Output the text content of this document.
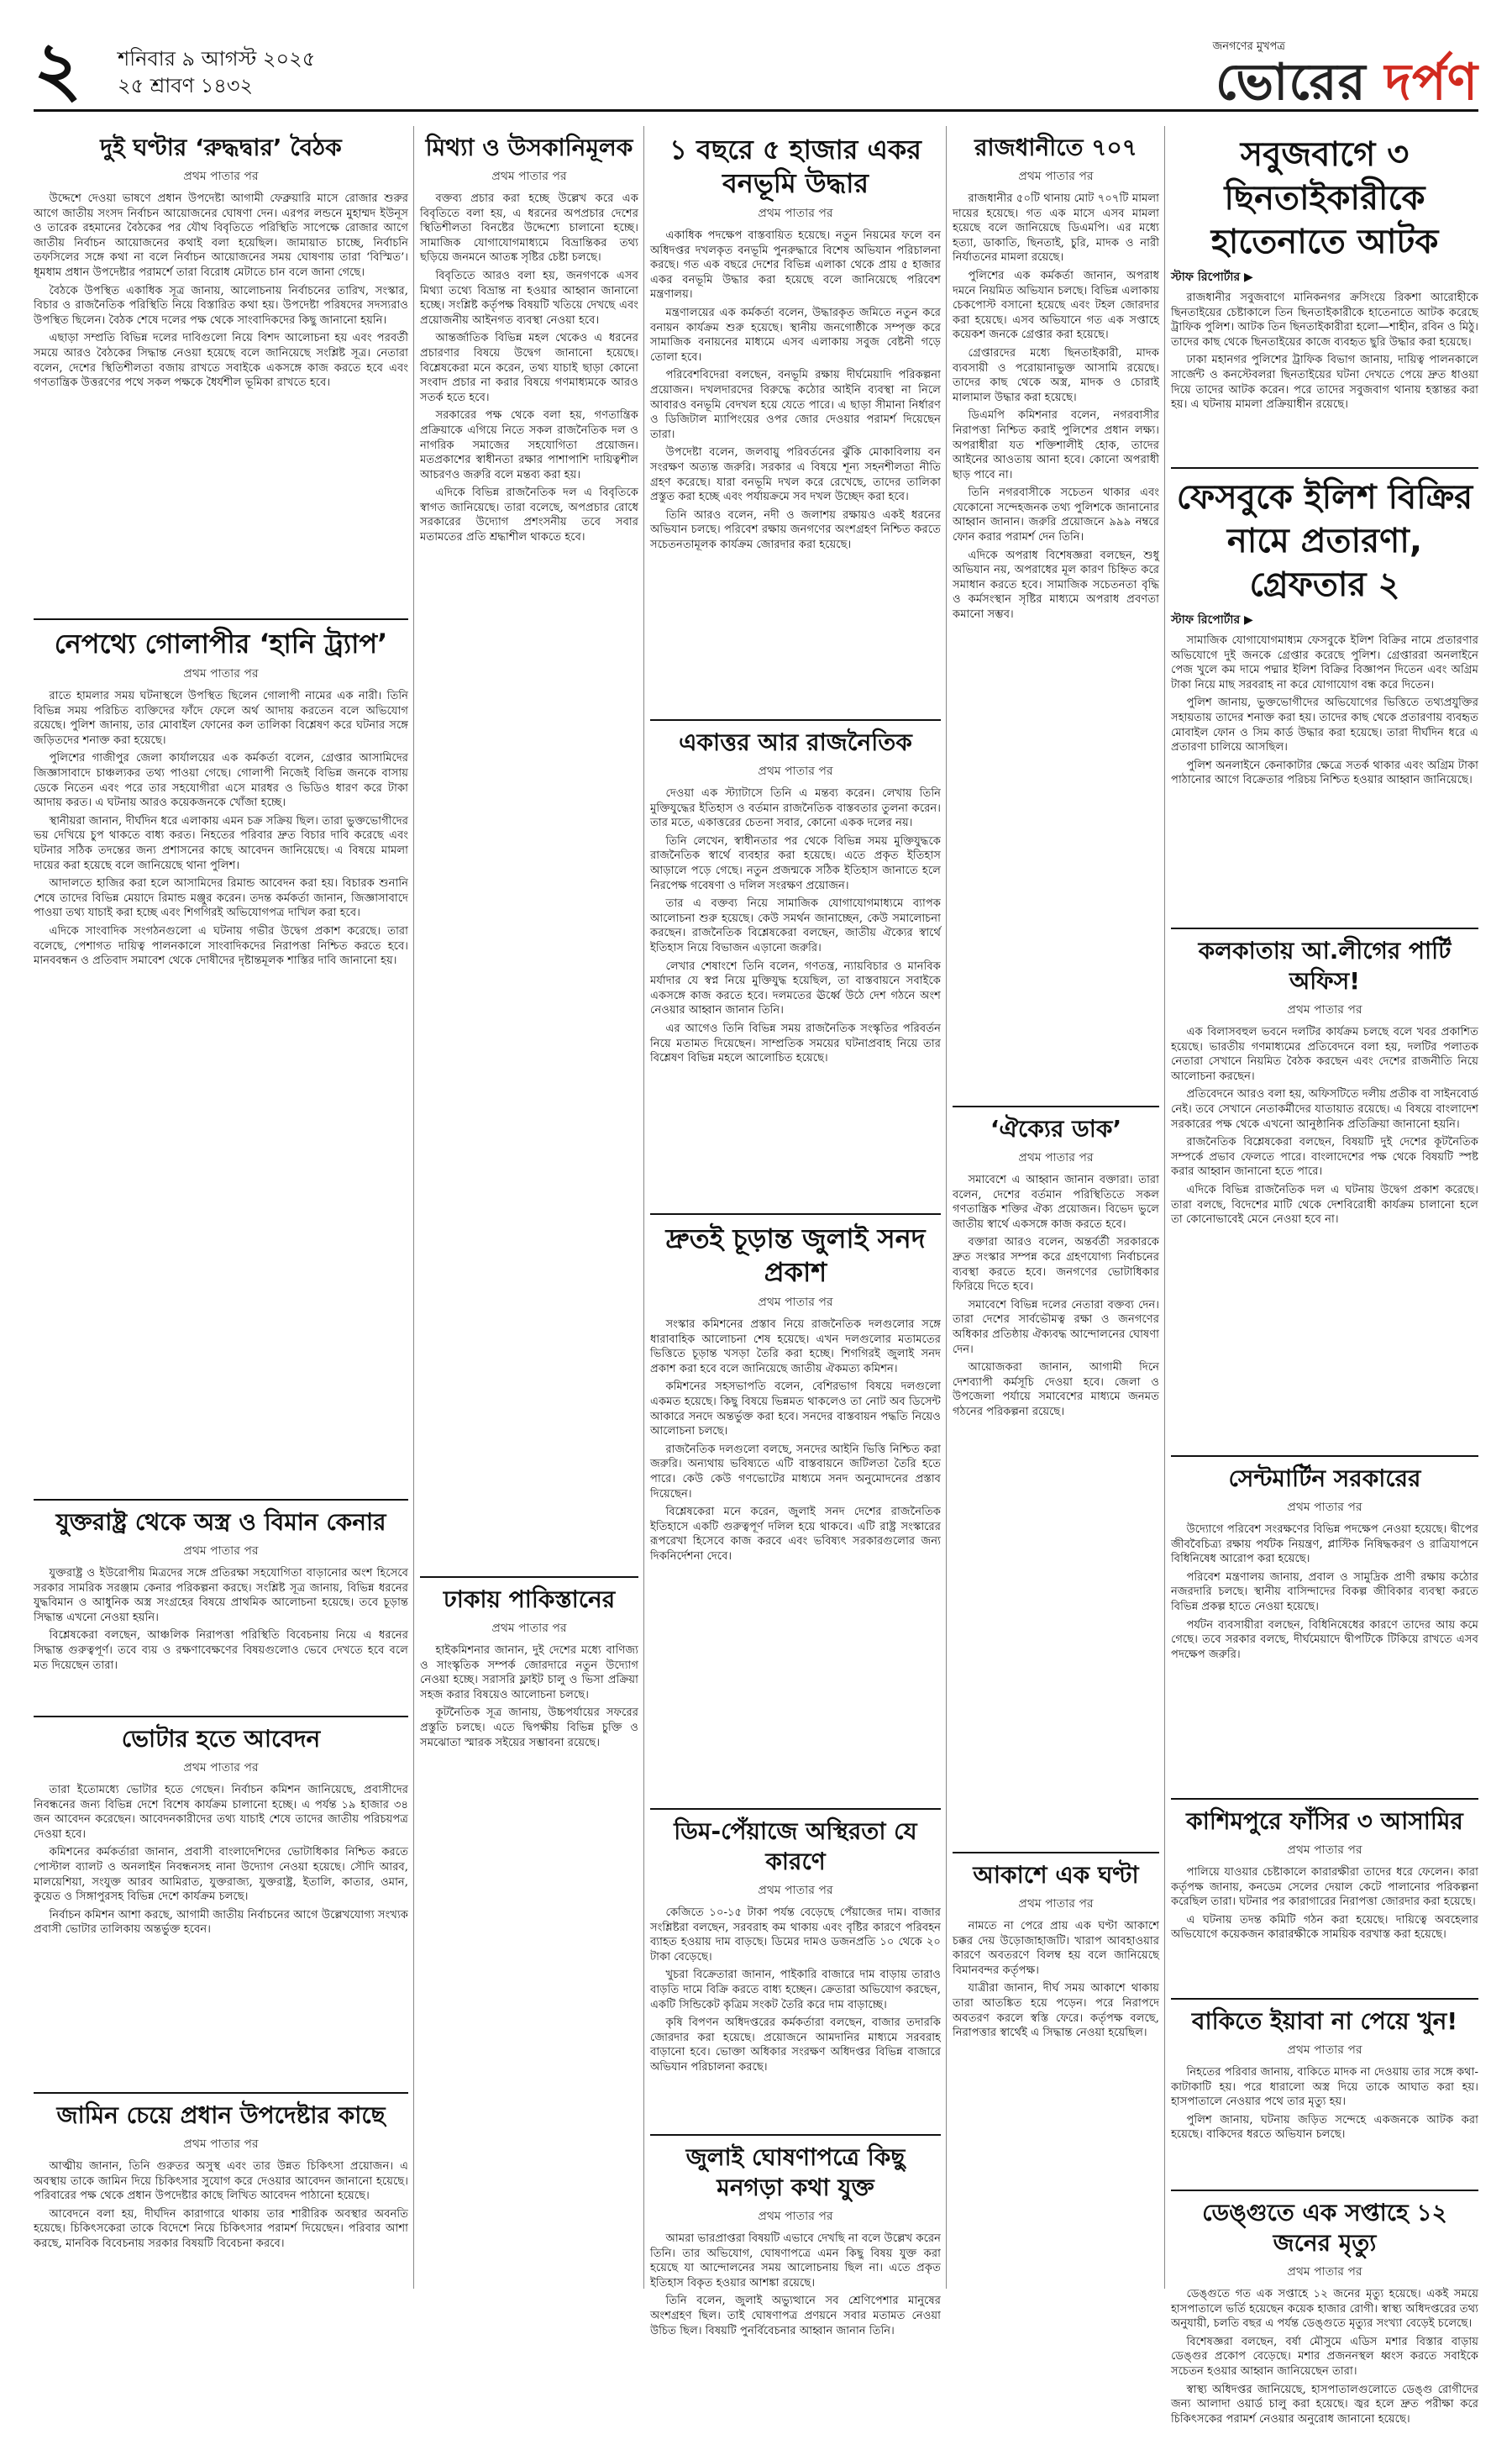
২	শনিবার ৯ আগস্ট ২০২৫
২৫ শ্রাবণ ১৪৩২
জনগণের মুখপত্র
ভোরের দর্পণ
দুই ঘণ্টার ‘রুদ্ধদ্বার’ বৈঠক
প্রথম পাতার পর

উদ্দেশে দেওয়া ভাষণে প্রধান উপদেষ্টা আগামী ফেব্রুয়ারি মাসে রোজার শুরুর আগে জাতীয় সংসদ নির্বাচন আয়োজনের ঘোষণা দেন। এরপর লন্ডনে মুহাম্মদ ইউনূস ও তারেক রহমানের বৈঠকের পর যৌথ বিবৃতিতে পরিস্থিতি সাপেক্ষে রোজার আগে জাতীয় নির্বাচন আয়োজনের কথাই বলা হয়েছিল। জামায়াত চাচ্ছে, নির্বাচনি তফসিলের সঙ্গে কথা না বলে নির্বাচন আয়োজনের সময় ঘোষণায় তারা ‘বিস্মিত’। ধূমধাম প্রধান উপদেষ্টার পরামর্শে তারা বিরোধ মেটাতে চান বলে জানা গেছে।

বৈঠকে উপস্থিত একাধিক সূত্র জানায়, আলোচনায় নির্বাচনের তারিখ, সংস্কার, বিচার ও রাজনৈতিক পরিস্থিতি নিয়ে বিস্তারিত কথা হয়। উপদেষ্টা পরিষদের সদস্যরাও উপস্থিত ছিলেন। বৈঠক শেষে দলের পক্ষ থেকে সাংবাদিকদের কিছু জানানো হয়নি।

এছাড়া সম্প্রতি বিভিন্ন দলের দাবিগুলো নিয়ে বিশদ আলোচনা হয় এবং পরবর্তী সময়ে আরও বৈঠকের সিদ্ধান্ত নেওয়া হয়েছে বলে জানিয়েছে সংশ্লিষ্ট সূত্র। নেতারা বলেন, দেশের স্থিতিশীলতা বজায় রাখতে সবাইকে একসঙ্গে কাজ করতে হবে এবং গণতান্ত্রিক উত্তরণের পথে সকল পক্ষকে ধৈর্যশীল ভূমিকা রাখতে হবে।

নেপথ্যে গোলাপীর ‘হানি ট্র্যাপ’
প্রথম পাতার পর

রাতে হামলার সময় ঘটনাস্থলে উপস্থিত ছিলেন গোলাপী নামের এক নারী। তিনি বিভিন্ন সময় পরিচিত ব্যক্তিদের ফাঁদে ফেলে অর্থ আদায় করতেন বলে অভিযোগ রয়েছে। পুলিশ জানায়, তার মোবাইল ফোনের কল তালিকা বিশ্লেষণ করে ঘটনার সঙ্গে জড়িতদের শনাক্ত করা হয়েছে।

পুলিশের গাজীপুর জেলা কার্যালয়ের এক কর্মকর্তা বলেন, গ্রেপ্তার আসামিদের জিজ্ঞাসাবাদে চাঞ্চল্যকর তথ্য পাওয়া গেছে। গোলাপী নিজেই বিভিন্ন জনকে বাসায় ডেকে নিতেন এবং পরে তার সহযোগীরা এসে মারধর ও ভিডিও ধারণ করে টাকা আদায় করত। এ ঘটনায় আরও কয়েকজনকে খোঁজা হচ্ছে।

স্থানীয়রা জানান, দীর্ঘদিন ধরে এলাকায় এমন চক্র সক্রিয় ছিল। তারা ভুক্তভোগীদের ভয় দেখিয়ে চুপ থাকতে বাধ্য করত। নিহতের পরিবার দ্রুত বিচার দাবি করেছে এবং ঘটনার সঠিক তদন্তের জন্য প্রশাসনের কাছে আবেদন জানিয়েছে। এ বিষয়ে মামলা দায়ের করা হয়েছে বলে জানিয়েছে থানা পুলিশ।

আদালতে হাজির করা হলে আসামিদের রিমান্ড আবেদন করা হয়। বিচারক শুনানি শেষে তাদের বিভিন্ন মেয়াদে রিমান্ড মঞ্জুর করেন। তদন্ত কর্মকর্তা জানান, জিজ্ঞাসাবাদে পাওয়া তথ্য যাচাই করা হচ্ছে এবং শিগগিরই অভিযোগপত্র দাখিল করা হবে।

এদিকে সাংবাদিক সংগঠনগুলো এ ঘটনায় গভীর উদ্বেগ প্রকাশ করেছে। তারা বলেছে, পেশাগত দায়িত্ব পালনকালে সাংবাদিকদের নিরাপত্তা নিশ্চিত করতে হবে। মানববন্ধন ও প্রতিবাদ সমাবেশ থেকে দোষীদের দৃষ্টান্তমূলক শাস্তির দাবি জানানো হয়।

যুক্তরাষ্ট্র থেকে অস্ত্র ও বিমান কেনার
প্রথম পাতার পর

যুক্তরাষ্ট্র ও ইউরোপীয় মিত্রদের সঙ্গে প্রতিরক্ষা সহযোগিতা বাড়ানোর অংশ হিসেবে সরকার সামরিক সরঞ্জাম কেনার পরিকল্পনা করছে। সংশ্লিষ্ট সূত্র জানায়, বিভিন্ন ধরনের যুদ্ধবিমান ও আধুনিক অস্ত্র সংগ্রহের বিষয়ে প্রাথমিক আলোচনা হয়েছে। তবে চূড়ান্ত সিদ্ধান্ত এখনো নেওয়া হয়নি।

বিশ্লেষকেরা বলছেন, আঞ্চলিক নিরাপত্তা পরিস্থিতি বিবেচনায় নিয়ে এ ধরনের সিদ্ধান্ত গুরুত্বপূর্ণ। তবে ব্যয় ও রক্ষণাবেক্ষণের বিষয়গুলোও ভেবে দেখতে হবে বলে মত দিয়েছেন তারা।

ভোটার হতে আবেদন
প্রথম পাতার পর

তারা ইতোমধ্যে ভোটার হতে গেছেন। নির্বাচন কমিশন জানিয়েছে, প্রবাসীদের নিবন্ধনের জন্য বিভিন্ন দেশে বিশেষ কার্যক্রম চালানো হচ্ছে। এ পর্যন্ত ১৯ হাজার ৩৪ জন আবেদন করেছেন। আবেদনকারীদের তথ্য যাচাই শেষে তাদের জাতীয় পরিচয়পত্র দেওয়া হবে।

কমিশনের কর্মকর্তারা জানান, প্রবাসী বাংলাদেশিদের ভোটাধিকার নিশ্চিত করতে পোস্টাল ব্যালট ও অনলাইন নিবন্ধনসহ নানা উদ্যোগ নেওয়া হয়েছে। সৌদি আরব, মালয়েশিয়া, সংযুক্ত আরব আমিরাত, যুক্তরাজ্য, যুক্তরাষ্ট্র, ইতালি, কাতার, ওমান, কুয়েত ও সিঙ্গাপুরসহ বিভিন্ন দেশে কার্যক্রম চলছে।

নির্বাচন কমিশন আশা করছে, আগামী জাতীয় নির্বাচনের আগে উল্লেখযোগ্য সংখ্যক প্রবাসী ভোটার তালিকায় অন্তর্ভুক্ত হবেন।

জামিন চেয়ে প্রধান উপদেষ্টার কাছে
প্রথম পাতার পর

আত্মীয় জানান, তিনি গুরুতর অসুস্থ এবং তার উন্নত চিকিৎসা প্রয়োজন। এ অবস্থায় তাকে জামিন দিয়ে চিকিৎসার সুযোগ করে দেওয়ার আবেদন জানানো হয়েছে। পরিবারের পক্ষ থেকে প্রধান উপদেষ্টার কাছে লিখিত আবেদন পাঠানো হয়েছে।

আবেদনে বলা হয়, দীর্ঘদিন কারাগারে থাকায় তার শারীরিক অবস্থার অবনতি হয়েছে। চিকিৎসকেরা তাকে বিদেশে নিয়ে চিকিৎসার পরামর্শ দিয়েছেন। পরিবার আশা করছে, মানবিক বিবেচনায় সরকার বিষয়টি বিবেচনা করবে।

মিথ্যা ও উসকানিমূলক
প্রথম পাতার পর

বক্তব্য প্রচার করা হচ্ছে উল্লেখ করে এক বিবৃতিতে বলা হয়, এ ধরনের অপপ্রচার দেশের স্থিতিশীলতা বিনষ্টের উদ্দেশ্যে চালানো হচ্ছে। সামাজিক যোগাযোগমাধ্যমে বিভ্রান্তিকর তথ্য ছড়িয়ে জনমনে আতঙ্ক সৃষ্টির চেষ্টা চলছে।

বিবৃতিতে আরও বলা হয়, জনগণকে এসব মিথ্যা তথ্যে বিভ্রান্ত না হওয়ার আহ্বান জানানো হচ্ছে। সংশ্লিষ্ট কর্তৃপক্ষ বিষয়টি খতিয়ে দেখছে এবং প্রয়োজনীয় আইনগত ব্যবস্থা নেওয়া হবে।

আন্তর্জাতিক বিভিন্ন মহল থেকেও এ ধরনের প্রচারণার বিষয়ে উদ্বেগ জানানো হয়েছে। বিশ্লেষকেরা মনে করেন, তথ্য যাচাই ছাড়া কোনো সংবাদ প্রচার না করার বিষয়ে গণমাধ্যমকে আরও সতর্ক হতে হবে।

সরকারের পক্ষ থেকে বলা হয়, গণতান্ত্রিক প্রক্রিয়াকে এগিয়ে নিতে সকল রাজনৈতিক দল ও নাগরিক সমাজের সহযোগিতা প্রয়োজন। মতপ্রকাশের স্বাধীনতা রক্ষার পাশাপাশি দায়িত্বশীল আচরণও জরুরি বলে মন্তব্য করা হয়।

এদিকে বিভিন্ন রাজনৈতিক দল এ বিবৃতিকে স্বাগত জানিয়েছে। তারা বলেছে, অপপ্রচার রোধে সরকারের উদ্যোগ প্রশংসনীয় তবে সবার মতামতের প্রতি শ্রদ্ধাশীল থাকতে হবে।

ঢাকায় পাকিস্তানের
প্রথম পাতার পর

হাইকমিশনার জানান, দুই দেশের মধ্যে বাণিজ্য ও সাংস্কৃতিক সম্পর্ক জোরদারে নতুন উদ্যোগ নেওয়া হচ্ছে। সরাসরি ফ্লাইট চালু ও ভিসা প্রক্রিয়া সহজ করার বিষয়েও আলোচনা চলছে।

কূটনৈতিক সূত্র জানায়, উচ্চপর্যায়ের সফরের প্রস্তুতি চলছে। এতে দ্বিপক্ষীয় বিভিন্ন চুক্তি ও সমঝোতা স্মারক সইয়ের সম্ভাবনা রয়েছে।

১ বছরে ৫ হাজার একর বনভূমি উদ্ধার
প্রথম পাতার পর

একাধিক পদক্ষেপ বাস্তবায়িত হয়েছে। নতুন নিয়মের ফলে বন অধিদপ্তর দখলকৃত বনভূমি পুনরুদ্ধারে বিশেষ অভিযান পরিচালনা করছে। গত এক বছরে দেশের বিভিন্ন এলাকা থেকে প্রায় ৫ হাজার একর বনভূমি উদ্ধার করা হয়েছে বলে জানিয়েছে পরিবেশ মন্ত্রণালয়।

মন্ত্রণালয়ের এক কর্মকর্তা বলেন, উদ্ধারকৃত জমিতে নতুন করে বনায়ন কার্যক্রম শুরু হয়েছে। স্থানীয় জনগোষ্ঠীকে সম্পৃক্ত করে সামাজিক বনায়নের মাধ্যমে এসব এলাকায় সবুজ বেষ্টনী গড়ে তোলা হবে।

পরিবেশবিদেরা বলছেন, বনভূমি রক্ষায় দীর্ঘমেয়াদি পরিকল্পনা প্রয়োজন। দখলদারদের বিরুদ্ধে কঠোর আইনি ব্যবস্থা না নিলে আবারও বনভূমি বেদখল হয়ে যেতে পারে। এ ছাড়া সীমানা নির্ধারণ ও ডিজিটাল ম্যাপিংয়ের ওপর জোর দেওয়ার পরামর্শ দিয়েছেন তারা।

উপদেষ্টা বলেন, জলবায়ু পরিবর্তনের ঝুঁকি মোকাবিলায় বন সংরক্ষণ অত্যন্ত জরুরি। সরকার এ বিষয়ে শূন্য সহনশীলতা নীতি গ্রহণ করেছে। যারা বনভূমি দখল করে রেখেছে, তাদের তালিকা প্রস্তুত করা হচ্ছে এবং পর্যায়ক্রমে সব দখল উচ্ছেদ করা হবে।

তিনি আরও বলেন, নদী ও জলাশয় রক্ষায়ও একই ধরনের অভিযান চলছে। পরিবেশ রক্ষায় জনগণের অংশগ্রহণ নিশ্চিত করতে সচেতনতামূলক কার্যক্রম জোরদার করা হয়েছে।

একাত্তর আর রাজনৈতিক
প্রথম পাতার পর

দেওয়া এক স্ট্যাটাসে তিনি এ মন্তব্য করেন। লেখায় তিনি মুক্তিযুদ্ধের ইতিহাস ও বর্তমান রাজনৈতিক বাস্তবতার তুলনা করেন। তার মতে, একাত্তরের চেতনা সবার, কোনো একক দলের নয়।

তিনি লেখেন, স্বাধীনতার পর থেকে বিভিন্ন সময় মুক্তিযুদ্ধকে রাজনৈতিক স্বার্থে ব্যবহার করা হয়েছে। এতে প্রকৃত ইতিহাস আড়ালে পড়ে গেছে। নতুন প্রজন্মকে সঠিক ইতিহাস জানাতে হলে নিরপেক্ষ গবেষণা ও দলিল সংরক্ষণ প্রয়োজন।

তার এ বক্তব্য নিয়ে সামাজিক যোগাযোগমাধ্যমে ব্যাপক আলোচনা শুরু হয়েছে। কেউ সমর্থন জানাচ্ছেন, কেউ সমালোচনা করছেন। রাজনৈতিক বিশ্লেষকেরা বলছেন, জাতীয় ঐক্যের স্বার্থে ইতিহাস নিয়ে বিভাজন এড়ানো জরুরি।

লেখার শেষাংশে তিনি বলেন, গণতন্ত্র, ন্যায়বিচার ও মানবিক মর্যাদার যে স্বপ্ন নিয়ে মুক্তিযুদ্ধ হয়েছিল, তা বাস্তবায়নে সবাইকে একসঙ্গে কাজ করতে হবে। দলমতের ঊর্ধ্বে উঠে দেশ গঠনে অংশ নেওয়ার আহ্বান জানান তিনি।

এর আগেও তিনি বিভিন্ন সময় রাজনৈতিক সংস্কৃতির পরিবর্তন নিয়ে মতামত দিয়েছেন। সাম্প্রতিক সময়ের ঘটনাপ্রবাহ নিয়ে তার বিশ্লেষণ বিভিন্ন মহলে আলোচিত হয়েছে।

দ্রুতই চূড়ান্ত জুলাই সনদ প্রকাশ
প্রথম পাতার পর

সংস্কার কমিশনের প্রস্তাব নিয়ে রাজনৈতিক দলগুলোর সঙ্গে ধারাবাহিক আলোচনা শেষ হয়েছে। এখন দলগুলোর মতামতের ভিত্তিতে চূড়ান্ত খসড়া তৈরি করা হচ্ছে। শিগগিরই জুলাই সনদ প্রকাশ করা হবে বলে জানিয়েছে জাতীয় ঐকমত্য কমিশন।

কমিশনের সহসভাপতি বলেন, বেশিরভাগ বিষয়ে দলগুলো একমত হয়েছে। কিছু বিষয়ে ভিন্নমত থাকলেও তা নোট অব ডিসেন্ট আকারে সনদে অন্তর্ভুক্ত করা হবে। সনদের বাস্তবায়ন পদ্ধতি নিয়েও আলোচনা চলছে।

রাজনৈতিক দলগুলো বলছে, সনদের আইনি ভিত্তি নিশ্চিত করা জরুরি। অন্যথায় ভবিষ্যতে এটি বাস্তবায়নে জটিলতা তৈরি হতে পারে। কেউ কেউ গণভোটের মাধ্যমে সনদ অনুমোদনের প্রস্তাব দিয়েছেন।

বিশ্লেষকেরা মনে করেন, জুলাই সনদ দেশের রাজনৈতিক ইতিহাসে একটি গুরুত্বপূর্ণ দলিল হয়ে থাকবে। এটি রাষ্ট্র সংস্কারের রূপরেখা হিসেবে কাজ করবে এবং ভবিষ্যৎ সরকারগুলোর জন্য দিকনির্দেশনা দেবে।

ডিম-পেঁয়াজে অস্থিরতা যে কারণে
প্রথম পাতার পর

কেজিতে ১০-১৫ টাকা পর্যন্ত বেড়েছে পেঁয়াজের দাম। বাজার সংশ্লিষ্টরা বলছেন, সরবরাহ কম থাকায় এবং বৃষ্টির কারণে পরিবহন ব্যাহত হওয়ায় দাম বাড়ছে। ডিমের দামও ডজনপ্রতি ১০ থেকে ২০ টাকা বেড়েছে।

খুচরা বিক্রেতারা জানান, পাইকারি বাজারে দাম বাড়ায় তারাও বাড়তি দামে বিক্রি করতে বাধ্য হচ্ছেন। ক্রেতারা অভিযোগ করছেন, একটি সিন্ডিকেট কৃত্রিম সংকট তৈরি করে দাম বাড়াচ্ছে।

কৃষি বিপণন অধিদপ্তরের কর্মকর্তারা বলছেন, বাজার তদারকি জোরদার করা হয়েছে। প্রয়োজনে আমদানির মাধ্যমে সরবরাহ বাড়ানো হবে। ভোক্তা অধিকার সংরক্ষণ অধিদপ্তর বিভিন্ন বাজারে অভিযান পরিচালনা করছে।

জুলাই ঘোষণাপত্রে কিছু মনগড়া কথা যুক্ত
প্রথম পাতার পর

আমরা ভারপ্রাপ্তরা বিষয়টি এভাবে দেখছি না বলে উল্লেখ করেন তিনি। তার অভিযোগ, ঘোষণাপত্রে এমন কিছু বিষয় যুক্ত করা হয়েছে যা আন্দোলনের সময় আলোচনায় ছিল না। এতে প্রকৃত ইতিহাস বিকৃত হওয়ার আশঙ্কা রয়েছে।

তিনি বলেন, জুলাই অভ্যুত্থানে সব শ্রেণিপেশার মানুষের অংশগ্রহণ ছিল। তাই ঘোষণাপত্র প্রণয়নে সবার মতামত নেওয়া উচিত ছিল। বিষয়টি পুনর্বিবেচনার আহ্বান জানান তিনি।

রাজধানীতে ৭০৭
প্রথম পাতার পর

রাজধানীর ৫০টি থানায় মোট ৭০৭টি মামলা দায়ের হয়েছে। গত এক মাসে এসব মামলা হয়েছে বলে জানিয়েছে ডিএমপি। এর মধ্যে হত্যা, ডাকাতি, ছিনতাই, চুরি, মাদক ও নারী নির্যাতনের মামলা রয়েছে।

পুলিশের এক কর্মকর্তা জানান, অপরাধ দমনে নিয়মিত অভিযান চলছে। বিভিন্ন এলাকায় চেকপোস্ট বসানো হয়েছে এবং টহল জোরদার করা হয়েছে। এসব অভিযানে গত এক সপ্তাহে কয়েকশ জনকে গ্রেপ্তার করা হয়েছে।

গ্রেপ্তারদের মধ্যে ছিনতাইকারী, মাদক ব্যবসায়ী ও পরোয়ানাভুক্ত আসামি রয়েছে। তাদের কাছ থেকে অস্ত্র, মাদক ও চোরাই মালামাল উদ্ধার করা হয়েছে।

ডিএমপি কমিশনার বলেন, নগরবাসীর নিরাপত্তা নিশ্চিত করাই পুলিশের প্রধান লক্ষ্য। অপরাধীরা যত শক্তিশালীই হোক, তাদের আইনের আওতায় আনা হবে। কোনো অপরাধী ছাড় পাবে না।

তিনি নগরবাসীকে সচেতন থাকার এবং যেকোনো সন্দেহজনক তথ্য পুলিশকে জানানোর আহ্বান জানান। জরুরি প্রয়োজনে ৯৯৯ নম্বরে ফোন করার পরামর্শ দেন তিনি।

এদিকে অপরাধ বিশেষজ্ঞরা বলছেন, শুধু অভিযান নয়, অপরাধের মূল কারণ চিহ্নিত করে সমাধান করতে হবে। সামাজিক সচেতনতা বৃদ্ধি ও কর্মসংস্থান সৃষ্টির মাধ্যমে অপরাধ প্রবণতা কমানো সম্ভব।

‘ঐক্যের ডাক’
প্রথম পাতার পর

সমাবেশে এ আহ্বান জানান বক্তারা। তারা বলেন, দেশের বর্তমান পরিস্থিতিতে সকল গণতান্ত্রিক শক্তির ঐক্য প্রয়োজন। বিভেদ ভুলে জাতীয় স্বার্থে একসঙ্গে কাজ করতে হবে।

বক্তারা আরও বলেন, অন্তর্বর্তী সরকারকে দ্রুত সংস্কার সম্পন্ন করে গ্রহণযোগ্য নির্বাচনের ব্যবস্থা করতে হবে। জনগণের ভোটাধিকার ফিরিয়ে দিতে হবে।

সমাবেশে বিভিন্ন দলের নেতারা বক্তব্য দেন। তারা দেশের সার্বভৌমত্ব রক্ষা ও জনগণের অধিকার প্রতিষ্ঠায় ঐক্যবদ্ধ আন্দোলনের ঘোষণা দেন।

আয়োজকরা জানান, আগামী দিনে দেশব্যাপী কর্মসূচি দেওয়া হবে। জেলা ও উপজেলা পর্যায়ে সমাবেশের মাধ্যমে জনমত গঠনের পরিকল্পনা রয়েছে।

আকাশে এক ঘণ্টা
প্রথম পাতার পর

নামতে না পেরে প্রায় এক ঘণ্টা আকাশে চক্কর দেয় উড়োজাহাজটি। খারাপ আবহাওয়ার কারণে অবতরণে বিলম্ব হয় বলে জানিয়েছে বিমানবন্দর কর্তৃপক্ষ।

যাত্রীরা জানান, দীর্ঘ সময় আকাশে থাকায় তারা আতঙ্কিত হয়ে পড়েন। পরে নিরাপদে অবতরণ করলে স্বস্তি ফেরে। কর্তৃপক্ষ বলছে, নিরাপত্তার স্বার্থেই এ সিদ্ধান্ত নেওয়া হয়েছিল।

সবুজবাগে ৩ ছিনতাইকারীকে হাতেনাতে আটক
স্টাফ রিপোর্টার ▶

রাজধানীর সবুজবাগে মানিকনগর ক্রসিংয়ে রিকশা আরোহীকে ছিনতাইয়ের চেষ্টাকালে তিন ছিনতাইকারীকে হাতেনাতে আটক করেছে ট্রাফিক পুলিশ। আটক তিন ছিনতাইকারীরা হলো—শাহীন, রবিন ও মিঠু। তাদের কাছ থেকে ছিনতাইয়ের কাজে ব্যবহৃত ছুরি উদ্ধার করা হয়েছে।

ঢাকা মহানগর পুলিশের ট্রাফিক বিভাগ জানায়, দায়িত্ব পালনকালে সার্জেন্ট ও কনস্টেবলরা ছিনতাইয়ের ঘটনা দেখতে পেয়ে দ্রুত ধাওয়া দিয়ে তাদের আটক করেন। পরে তাদের সবুজবাগ থানায় হস্তান্তর করা হয়। এ ঘটনায় মামলা প্রক্রিয়াধীন রয়েছে।

ফেসবুকে ইলিশ বিক্রির নামে প্রতারণা, গ্রেফতার ২
স্টাফ রিপোর্টার ▶

সামাজিক যোগাযোগমাধ্যম ফেসবুকে ইলিশ বিক্রির নামে প্রতারণার অভিযোগে দুই জনকে গ্রেপ্তার করেছে পুলিশ। গ্রেপ্তাররা অনলাইনে পেজ খুলে কম দামে পদ্মার ইলিশ বিক্রির বিজ্ঞাপন দিতেন এবং অগ্রিম টাকা নিয়ে মাছ সরবরাহ না করে যোগাযোগ বন্ধ করে দিতেন।

পুলিশ জানায়, ভুক্তভোগীদের অভিযোগের ভিত্তিতে তথ্যপ্রযুক্তির সহায়তায় তাদের শনাক্ত করা হয়। তাদের কাছ থেকে প্রতারণায় ব্যবহৃত মোবাইল ফোন ও সিম কার্ড উদ্ধার করা হয়েছে। তারা দীর্ঘদিন ধরে এ প্রতারণা চালিয়ে আসছিল।

পুলিশ অনলাইনে কেনাকাটার ক্ষেত্রে সতর্ক থাকার এবং অগ্রিম টাকা পাঠানোর আগে বিক্রেতার পরিচয় নিশ্চিত হওয়ার আহ্বান জানিয়েছে।

কলকাতায় আ.লীগের পার্টি অফিস!
প্রথম পাতার পর

এক বিলাসবহুল ভবনে দলটির কার্যক্রম চলছে বলে খবর প্রকাশিত হয়েছে। ভারতীয় গণমাধ্যমের প্রতিবেদনে বলা হয়, দলটির পলাতক নেতারা সেখানে নিয়মিত বৈঠক করছেন এবং দেশের রাজনীতি নিয়ে আলোচনা করছেন।

প্রতিবেদনে আরও বলা হয়, অফিসটিতে দলীয় প্রতীক বা সাইনবোর্ড নেই। তবে সেখানে নেতাকর্মীদের যাতায়াত রয়েছে। এ বিষয়ে বাংলাদেশ সরকারের পক্ষ থেকে এখনো আনুষ্ঠানিক প্রতিক্রিয়া জানানো হয়নি।

রাজনৈতিক বিশ্লেষকেরা বলছেন, বিষয়টি দুই দেশের কূটনৈতিক সম্পর্কে প্রভাব ফেলতে পারে। বাংলাদেশের পক্ষ থেকে বিষয়টি স্পষ্ট করার আহ্বান জানানো হতে পারে।

এদিকে বিভিন্ন রাজনৈতিক দল এ ঘটনায় উদ্বেগ প্রকাশ করেছে। তারা বলছে, বিদেশের মাটি থেকে দেশবিরোধী কার্যক্রম চালানো হলে তা কোনোভাবেই মেনে নেওয়া হবে না।

সেন্টমার্টিন সরকারের
প্রথম পাতার পর

উদ্যোগে পরিবেশ সংরক্ষণের বিভিন্ন পদক্ষেপ নেওয়া হয়েছে। দ্বীপের জীববৈচিত্র্য রক্ষায় পর্যটক নিয়ন্ত্রণ, প্লাস্টিক নিষিদ্ধকরণ ও রাত্রিযাপনে বিধিনিষেধ আরোপ করা হয়েছে।

পরিবেশ মন্ত্রণালয় জানায়, প্রবাল ও সামুদ্রিক প্রাণী রক্ষায় কঠোর নজরদারি চলছে। স্থানীয় বাসিন্দাদের বিকল্প জীবিকার ব্যবস্থা করতে বিভিন্ন প্রকল্প হাতে নেওয়া হয়েছে।

পর্যটন ব্যবসায়ীরা বলছেন, বিধিনিষেধের কারণে তাদের আয় কমে গেছে। তবে সরকার বলছে, দীর্ঘমেয়াদে দ্বীপটিকে টিকিয়ে রাখতে এসব পদক্ষেপ জরুরি।

কাশিমপুরে ফাঁসির ৩ আসামির
প্রথম পাতার পর

পালিয়ে যাওয়ার চেষ্টাকালে কারারক্ষীরা তাদের ধরে ফেলেন। কারা কর্তৃপক্ষ জানায়, কনডেম সেলের দেয়াল কেটে পালানোর পরিকল্পনা করেছিল তারা। ঘটনার পর কারাগারের নিরাপত্তা জোরদার করা হয়েছে।

এ ঘটনায় তদন্ত কমিটি গঠন করা হয়েছে। দায়িত্বে অবহেলার অভিযোগে কয়েকজন কারারক্ষীকে সাময়িক বরখাস্ত করা হয়েছে।

বাকিতে ইয়াবা না পেয়ে খুন!
প্রথম পাতার পর

নিহতের পরিবার জানায়, বাকিতে মাদক না দেওয়ায় তার সঙ্গে কথা-কাটাকাটি হয়। পরে ধারালো অস্ত্র দিয়ে তাকে আঘাত করা হয়। হাসপাতালে নেওয়ার পথে তার মৃত্যু হয়।

পুলিশ জানায়, ঘটনায় জড়িত সন্দেহে একজনকে আটক করা হয়েছে। বাকিদের ধরতে অভিযান চলছে।

ডেঙ্গুতে এক সপ্তাহে ১২ জনের মৃত্যু
প্রথম পাতার পর

ডেঙ্গুতে গত এক সপ্তাহে ১২ জনের মৃত্যু হয়েছে। একই সময়ে হাসপাতালে ভর্তি হয়েছেন কয়েক হাজার রোগী। স্বাস্থ্য অধিদপ্তরের তথ্য অনুযায়ী, চলতি বছর এ পর্যন্ত ডেঙ্গুতে মৃত্যুর সংখ্যা বেড়েই চলেছে।

বিশেষজ্ঞরা বলছেন, বর্ষা মৌসুমে এডিস মশার বিস্তার বাড়ায় ডেঙ্গুর প্রকোপ বেড়েছে। মশার প্রজননস্থল ধ্বংস করতে সবাইকে সচেতন হওয়ার আহ্বান জানিয়েছেন তারা।

স্বাস্থ্য অধিদপ্তর জানিয়েছে, হাসপাতালগুলোতে ডেঙ্গু রোগীদের জন্য আলাদা ওয়ার্ড চালু করা হয়েছে। জ্বর হলে দ্রুত পরীক্ষা করে চিকিৎসকের পরামর্শ নেওয়ার অনুরোধ জানানো হয়েছে।
